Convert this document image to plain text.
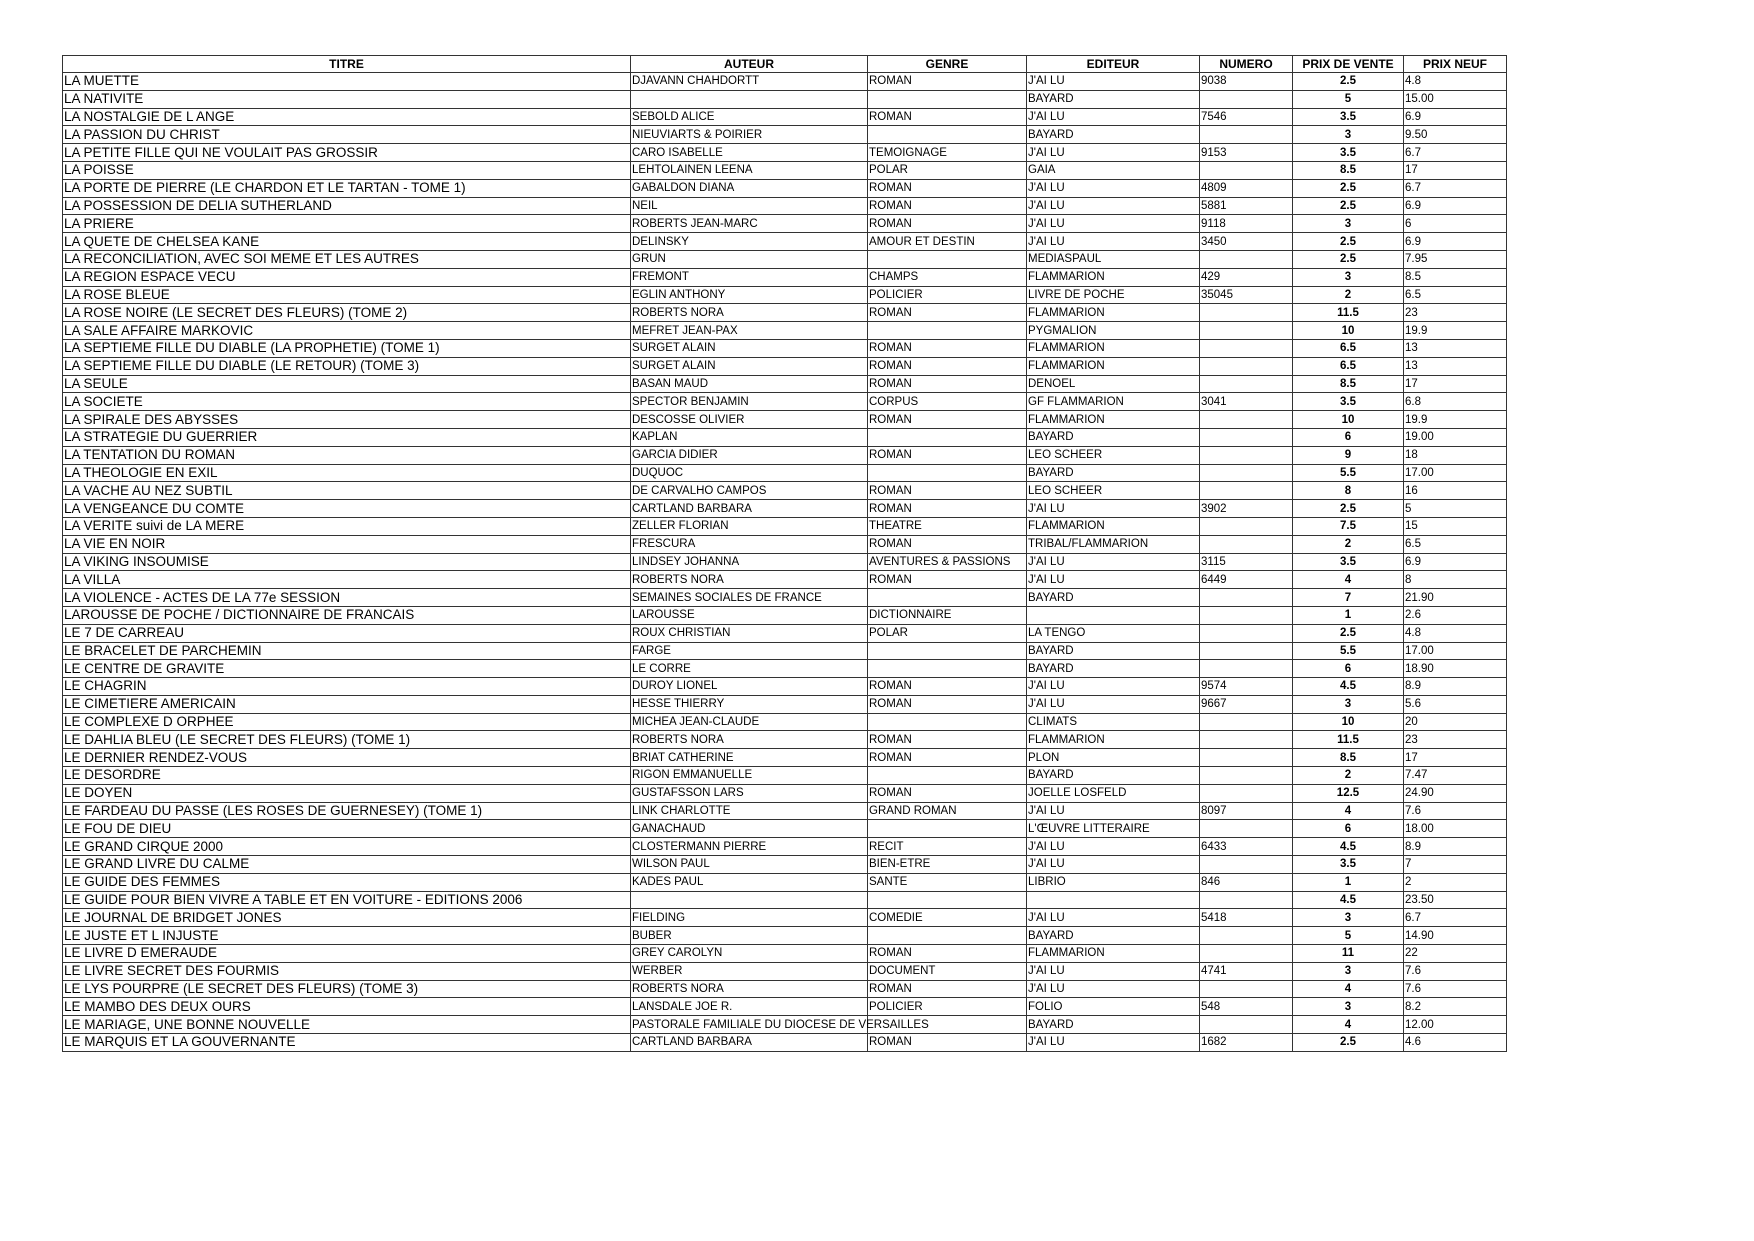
TITRE	AUTEUR	GENRE	EDITEUR	NUMERO	PRIX DE VENTE	PRIX NEUF
LA MUETTE	DJAVANN CHAHDORTT	ROMAN	J'AI LU	9038	2.5	4.8
LA NATIVITE			BAYARD		5	15.00
LA NOSTALGIE DE L ANGE	SEBOLD ALICE	ROMAN	J'AI LU	7546	3.5	6.9
LA PASSION DU CHRIST	NIEUVIARTS & POIRIER		BAYARD		3	9.50
LA PETITE FILLE QUI NE VOULAIT PAS GROSSIR	CARO ISABELLE	TEMOIGNAGE	J'AI LU	9153	3.5	6.7
LA POISSE	LEHTOLAINEN LEENA	POLAR	GAIA		8.5	17
LA PORTE DE PIERRE (LE CHARDON ET LE TARTAN - TOME 1)	GABALDON DIANA	ROMAN	J'AI LU	4809	2.5	6.7
LA POSSESSION DE DELIA SUTHERLAND	NEIL	ROMAN	J'AI LU	5881	2.5	6.9
LA PRIERE	ROBERTS JEAN-MARC	ROMAN	J'AI LU	9118	3	6
LA QUETE DE CHELSEA KANE	DELINSKY	AMOUR ET DESTIN	J'AI LU	3450	2.5	6.9
LA RECONCILIATION, AVEC SOI MEME ET LES AUTRES	GRUN		MEDIASPAUL		2.5	7.95
LA REGION ESPACE VECU	FREMONT	CHAMPS	FLAMMARION	429	3	8.5
LA ROSE BLEUE	EGLIN ANTHONY	POLICIER	LIVRE DE POCHE	35045	2	6.5
LA ROSE NOIRE (LE SECRET DES FLEURS) (TOME 2)	ROBERTS NORA	ROMAN	FLAMMARION		11.5	23
LA SALE AFFAIRE MARKOVIC	MEFRET JEAN-PAX		PYGMALION		10	19.9
LA SEPTIEME FILLE DU DIABLE (LA PROPHETIE) (TOME 1)	SURGET ALAIN	ROMAN	FLAMMARION		6.5	13
LA SEPTIEME FILLE DU DIABLE (LE RETOUR) (TOME 3)	SURGET ALAIN	ROMAN	FLAMMARION		6.5	13
LA SEULE	BASAN MAUD	ROMAN	DENOEL		8.5	17
LA SOCIETE	SPECTOR BENJAMIN	CORPUS	GF FLAMMARION	3041	3.5	6.8
LA SPIRALE DES ABYSSES	DESCOSSE OLIVIER	ROMAN	FLAMMARION		10	19.9
LA STRATEGIE DU GUERRIER	KAPLAN		BAYARD		6	19.00
LA TENTATION DU ROMAN	GARCIA DIDIER	ROMAN	LEO SCHEER		9	18
LA THEOLOGIE EN EXIL	DUQUOC		BAYARD		5.5	17.00
LA VACHE AU NEZ SUBTIL	DE CARVALHO CAMPOS	ROMAN	LEO SCHEER		8	16
LA VENGEANCE DU COMTE	CARTLAND BARBARA	ROMAN	J'AI LU	3902	2.5	5
LA VERITE suivi de LA MERE	ZELLER FLORIAN	THEATRE	FLAMMARION		7.5	15
LA VIE EN NOIR	FRESCURA	ROMAN	TRIBAL/FLAMMARION		2	6.5
LA VIKING INSOUMISE	LINDSEY JOHANNA	AVENTURES & PASSIONS	J'AI LU	3115	3.5	6.9
LA VILLA	ROBERTS NORA	ROMAN	J'AI LU	6449	4	8
LA VIOLENCE - ACTES DE LA 77e SESSION	SEMAINES SOCIALES DE FRANCE		BAYARD		7	21.90
LAROUSSE DE POCHE / DICTIONNAIRE DE FRANCAIS	LAROUSSE	DICTIONNAIRE			1	2.6
LE 7 DE CARREAU	ROUX CHRISTIAN	POLAR	LA TENGO		2.5	4.8
LE BRACELET DE PARCHEMIN	FARGE		BAYARD		5.5	17.00
LE CENTRE DE GRAVITE	LE CORRE		BAYARD		6	18.90
LE CHAGRIN	DUROY LIONEL	ROMAN	J'AI LU	9574	4.5	8.9
LE CIMETIERE AMERICAIN	HESSE THIERRY	ROMAN	J'AI LU	9667	3	5.6
LE COMPLEXE D ORPHEE	MICHEA JEAN-CLAUDE		CLIMATS		10	20
LE DAHLIA BLEU (LE SECRET DES FLEURS) (TOME 1)	ROBERTS NORA	ROMAN	FLAMMARION		11.5	23
LE DERNIER RENDEZ-VOUS	BRIAT CATHERINE	ROMAN	PLON		8.5	17
LE DESORDRE	RIGON EMMANUELLE		BAYARD		2	7.47
LE DOYEN	GUSTAFSSON LARS	ROMAN	JOELLE LOSFELD		12.5	24.90
LE FARDEAU DU PASSE (LES ROSES DE GUERNESEY) (TOME 1)	LINK CHARLOTTE	GRAND ROMAN	J'AI LU	8097	4	7.6
LE FOU DE DIEU	GANACHAUD		L'ŒUVRE LITTERAIRE		6	18.00
LE GRAND CIRQUE 2000	CLOSTERMANN PIERRE	RECIT	J'AI LU	6433	4.5	8.9
LE GRAND LIVRE DU CALME	WILSON PAUL	BIEN-ETRE	J'AI LU		3.5	7
LE GUIDE DES FEMMES	KADES PAUL	SANTE	LIBRIO	846	1	2
LE GUIDE POUR BIEN VIVRE A TABLE ET EN VOITURE - EDITIONS 2006					4.5	23.50
LE JOURNAL DE BRIDGET JONES	FIELDING	COMEDIE	J'AI LU	5418	3	6.7
LE JUSTE ET L INJUSTE	BUBER		BAYARD		5	14.90
LE LIVRE D EMERAUDE	GREY CAROLYN	ROMAN	FLAMMARION		11	22
LE LIVRE SECRET DES FOURMIS	WERBER	DOCUMENT	J'AI LU	4741	3	7.6
LE LYS POURPRE (LE SECRET DES FLEURS) (TOME 3)	ROBERTS NORA	ROMAN	J'AI LU		4	7.6
LE MAMBO DES DEUX OURS	LANSDALE JOE R.	POLICIER	FOLIO	548	3	8.2
LE MARIAGE, UNE BONNE NOUVELLE	PASTORALE FAMILIALE DU DIOCESE DE VERSAILLES		BAYARD		4	12.00
LE MARQUIS ET LA GOUVERNANTE	CARTLAND BARBARA	ROMAN	J'AI LU	1682	2.5	4.6
